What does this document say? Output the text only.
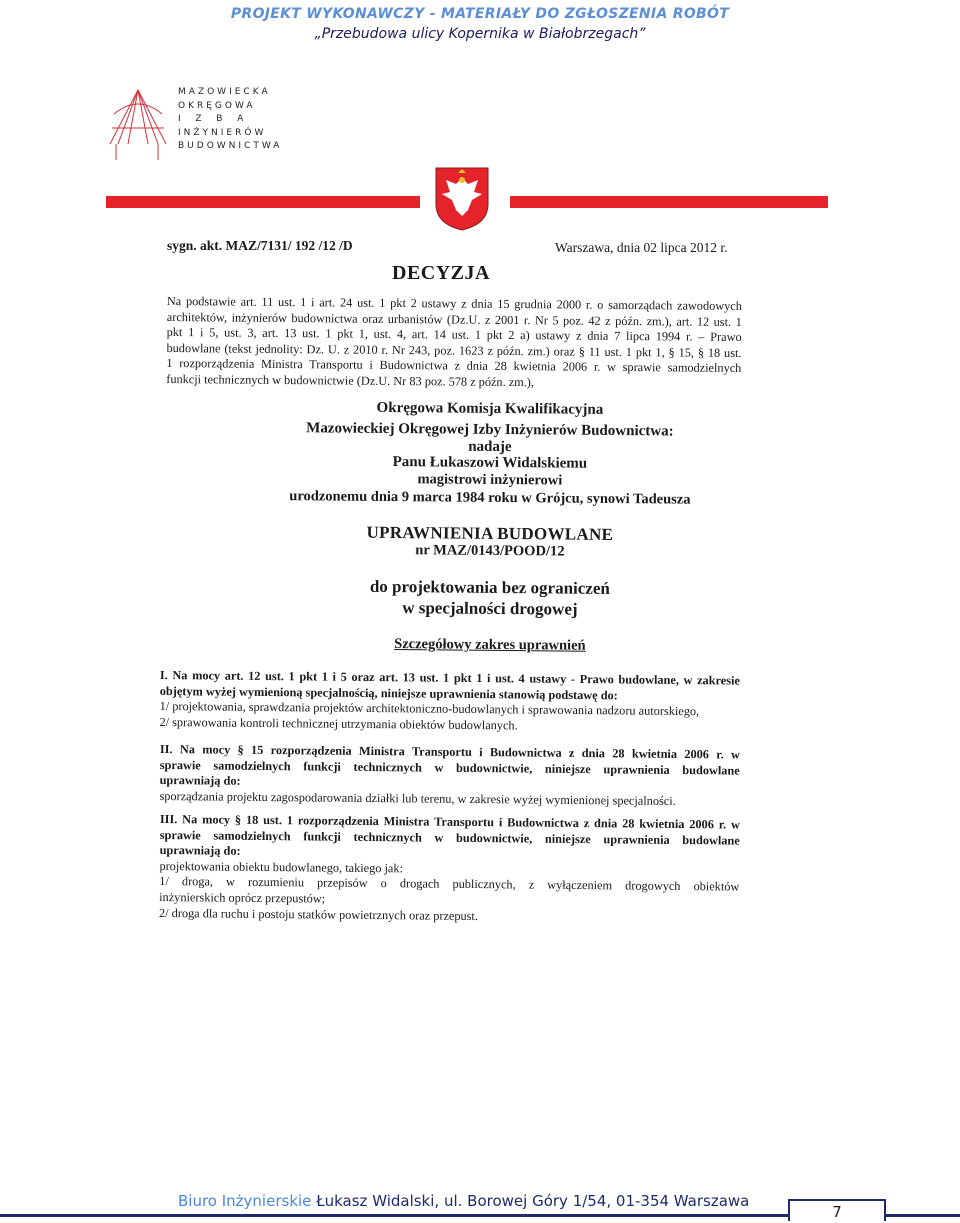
PROJEKT WYKONAWCZY - MATERIAŁY DO ZGŁOSZENIA ROBÓT
„Przebudowa ulicy Kopernika w Białobrzegach”
MAZOWIECKA
OKRĘGOWA
I  Z  B  A
INŻYNIERÓW
BUDOWNICTWA
sygn. akt. MAZ/7131/ 192 /12 /D	Warszawa, dnia 02 lipca 2012 r.
DECYZJA
Na podstawie art. 11 ust. 1 i art. 24 ust. 1 pkt 2 ustawy z dnia 15 grudnia 2000 r. o samorządach zawodowych
architektów, inżynierów budownictwa oraz urbanistów (Dz.U. z 2001 r. Nr 5 poz. 42 z późn. zm.), art. 12 ust. 1
pkt 1 i 5, ust. 3, art. 13 ust. 1 pkt 1, ust. 4, art. 14 ust. 1 pkt 2 a) ustawy z dnia 7 lipca 1994 r. – Prawo
budowlane (tekst jednolity: Dz. U. z 2010 r. Nr 243, poz. 1623 z późn. zm.) oraz § 11 ust. 1 pkt 1, § 15, § 18 ust.
1 rozporządzenia Ministra Transportu i Budownictwa z dnia 28 kwietnia 2006 r. w sprawie samodzielnych
funkcji technicznych w budownictwie (Dz.U. Nr 83 poz. 578 z późn. zm.),
Okręgowa Komisja Kwalifikacyjna
Mazowieckiej Okręgowej Izby Inżynierów Budownictwa:
nadaje
Panu Łukaszowi Widalskiemu
magistrowi inżynierowi
urodzonemu dnia 9 marca 1984 roku w Grójcu, synowi Tadeusza
UPRAWNIENIA BUDOWLANE
nr MAZ/0143/POOD/12
do projektowania bez ograniczeń
w specjalności drogowej
Szczegółowy zakres uprawnień
I. Na mocy art. 12 ust. 1 pkt 1 i 5 oraz art. 13 ust. 1 pkt 1 i ust. 4 ustawy - Prawo budowlane, w zakresie
objętym wyżej wymienioną specjalnością, niniejsze uprawnienia stanowią podstawę do:
1/ projektowania, sprawdzania projektów architektoniczno-budowlanych i sprawowania nadzoru autorskiego,
2/ sprawowania kontroli technicznej utrzymania obiektów budowlanych.
II. Na mocy § 15 rozporządzenia Ministra Transportu i Budownictwa z dnia 28 kwietnia 2006 r. w
sprawie samodzielnych funkcji technicznych w budownictwie, niniejsze uprawnienia budowlane
uprawniają do:
sporządzania projektu zagospodarowania działki lub terenu, w zakresie wyżej wymienionej specjalności.
III. Na mocy § 18 ust. 1 rozporządzenia Ministra Transportu i Budownictwa z dnia 28 kwietnia 2006 r. w
sprawie samodzielnych funkcji technicznych w budownictwie, niniejsze uprawnienia budowlane
uprawniają do:
projektowania obiektu budowlanego, takiego jak:
1/ droga, w rozumieniu przepisów o drogach publicznych, z wyłączeniem drogowych obiektów
inżynierskich oprócz przepustów;
2/ droga dla ruchu i postoju statków powietrznych oraz przepust.
Biuro Inżynierskie Łukasz Widalski, ul. Borowej Góry 1/54, 01-354 Warszawa
7
